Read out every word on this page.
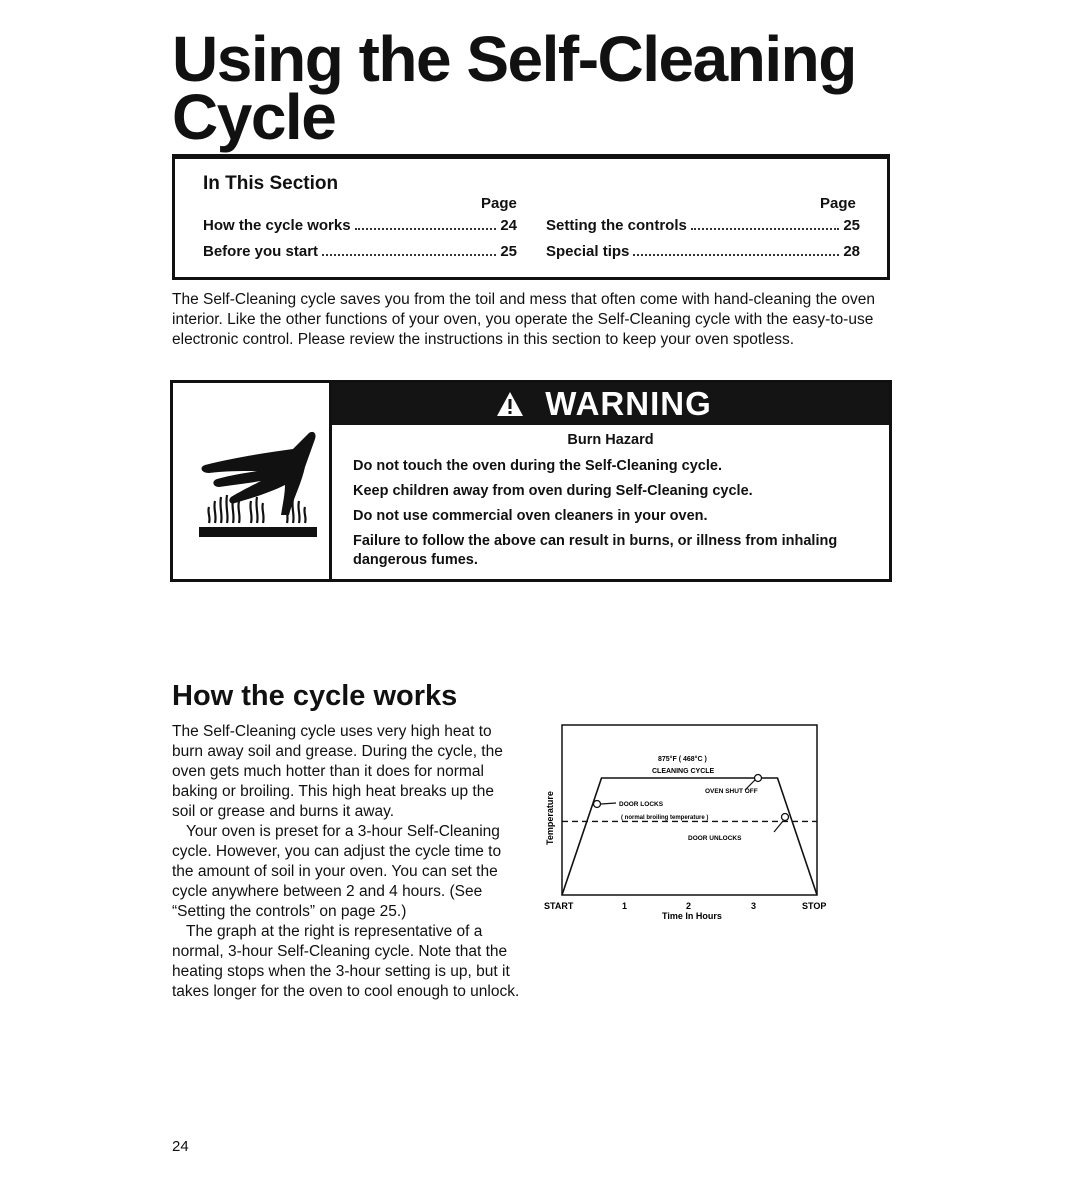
Using the Self-Cleaning Cycle
In This Section
Page	Page
How the cycle works	24
Before you start	25
Setting the controls	25
Special tips	28
The Self-Cleaning cycle saves you from the toil and mess that often come with hand-cleaning the oven interior. Like the other functions of your oven, you operate the Self-Cleaning cycle with the easy-to-use electronic control. Please review the instructions in this section to keep your oven spotless.
WARNING
Burn Hazard
Do not touch the oven during the Self-Cleaning cycle.
Keep children away from oven during Self-Cleaning cycle.
Do not use commercial oven cleaners in your oven.
Failure to follow the above can result in burns, or illness from inhaling dangerous fumes.
How the cycle works

The Self-Cleaning cycle uses very high heat to burn away soil and grease. During the cycle, the oven gets much hotter than it does for normal baking or broiling. This high heat breaks up the soil or grease and burns it away.

Your oven is preset for a 3-hour Self-Cleaning cycle. However, you can adjust the cycle time to the amount of soil in your oven. You can set the cycle anywhere between 2 and 4 hours. (See “Setting the controls” on page 25.)

The graph at the right is representative of a normal, 3-hour Self-Cleaning cycle. Note that the heating stops when the 3-hour setting is up, but it takes longer for the oven to cool enough to unlock.

Temperature
875°F ( 468°C )
CLEANING CYCLE
OVEN SHUT OFF
DOOR LOCKS
( normal broiling temperature )
DOOR UNLOCKS
START	1	2	3	STOP
Time In Hours
24
